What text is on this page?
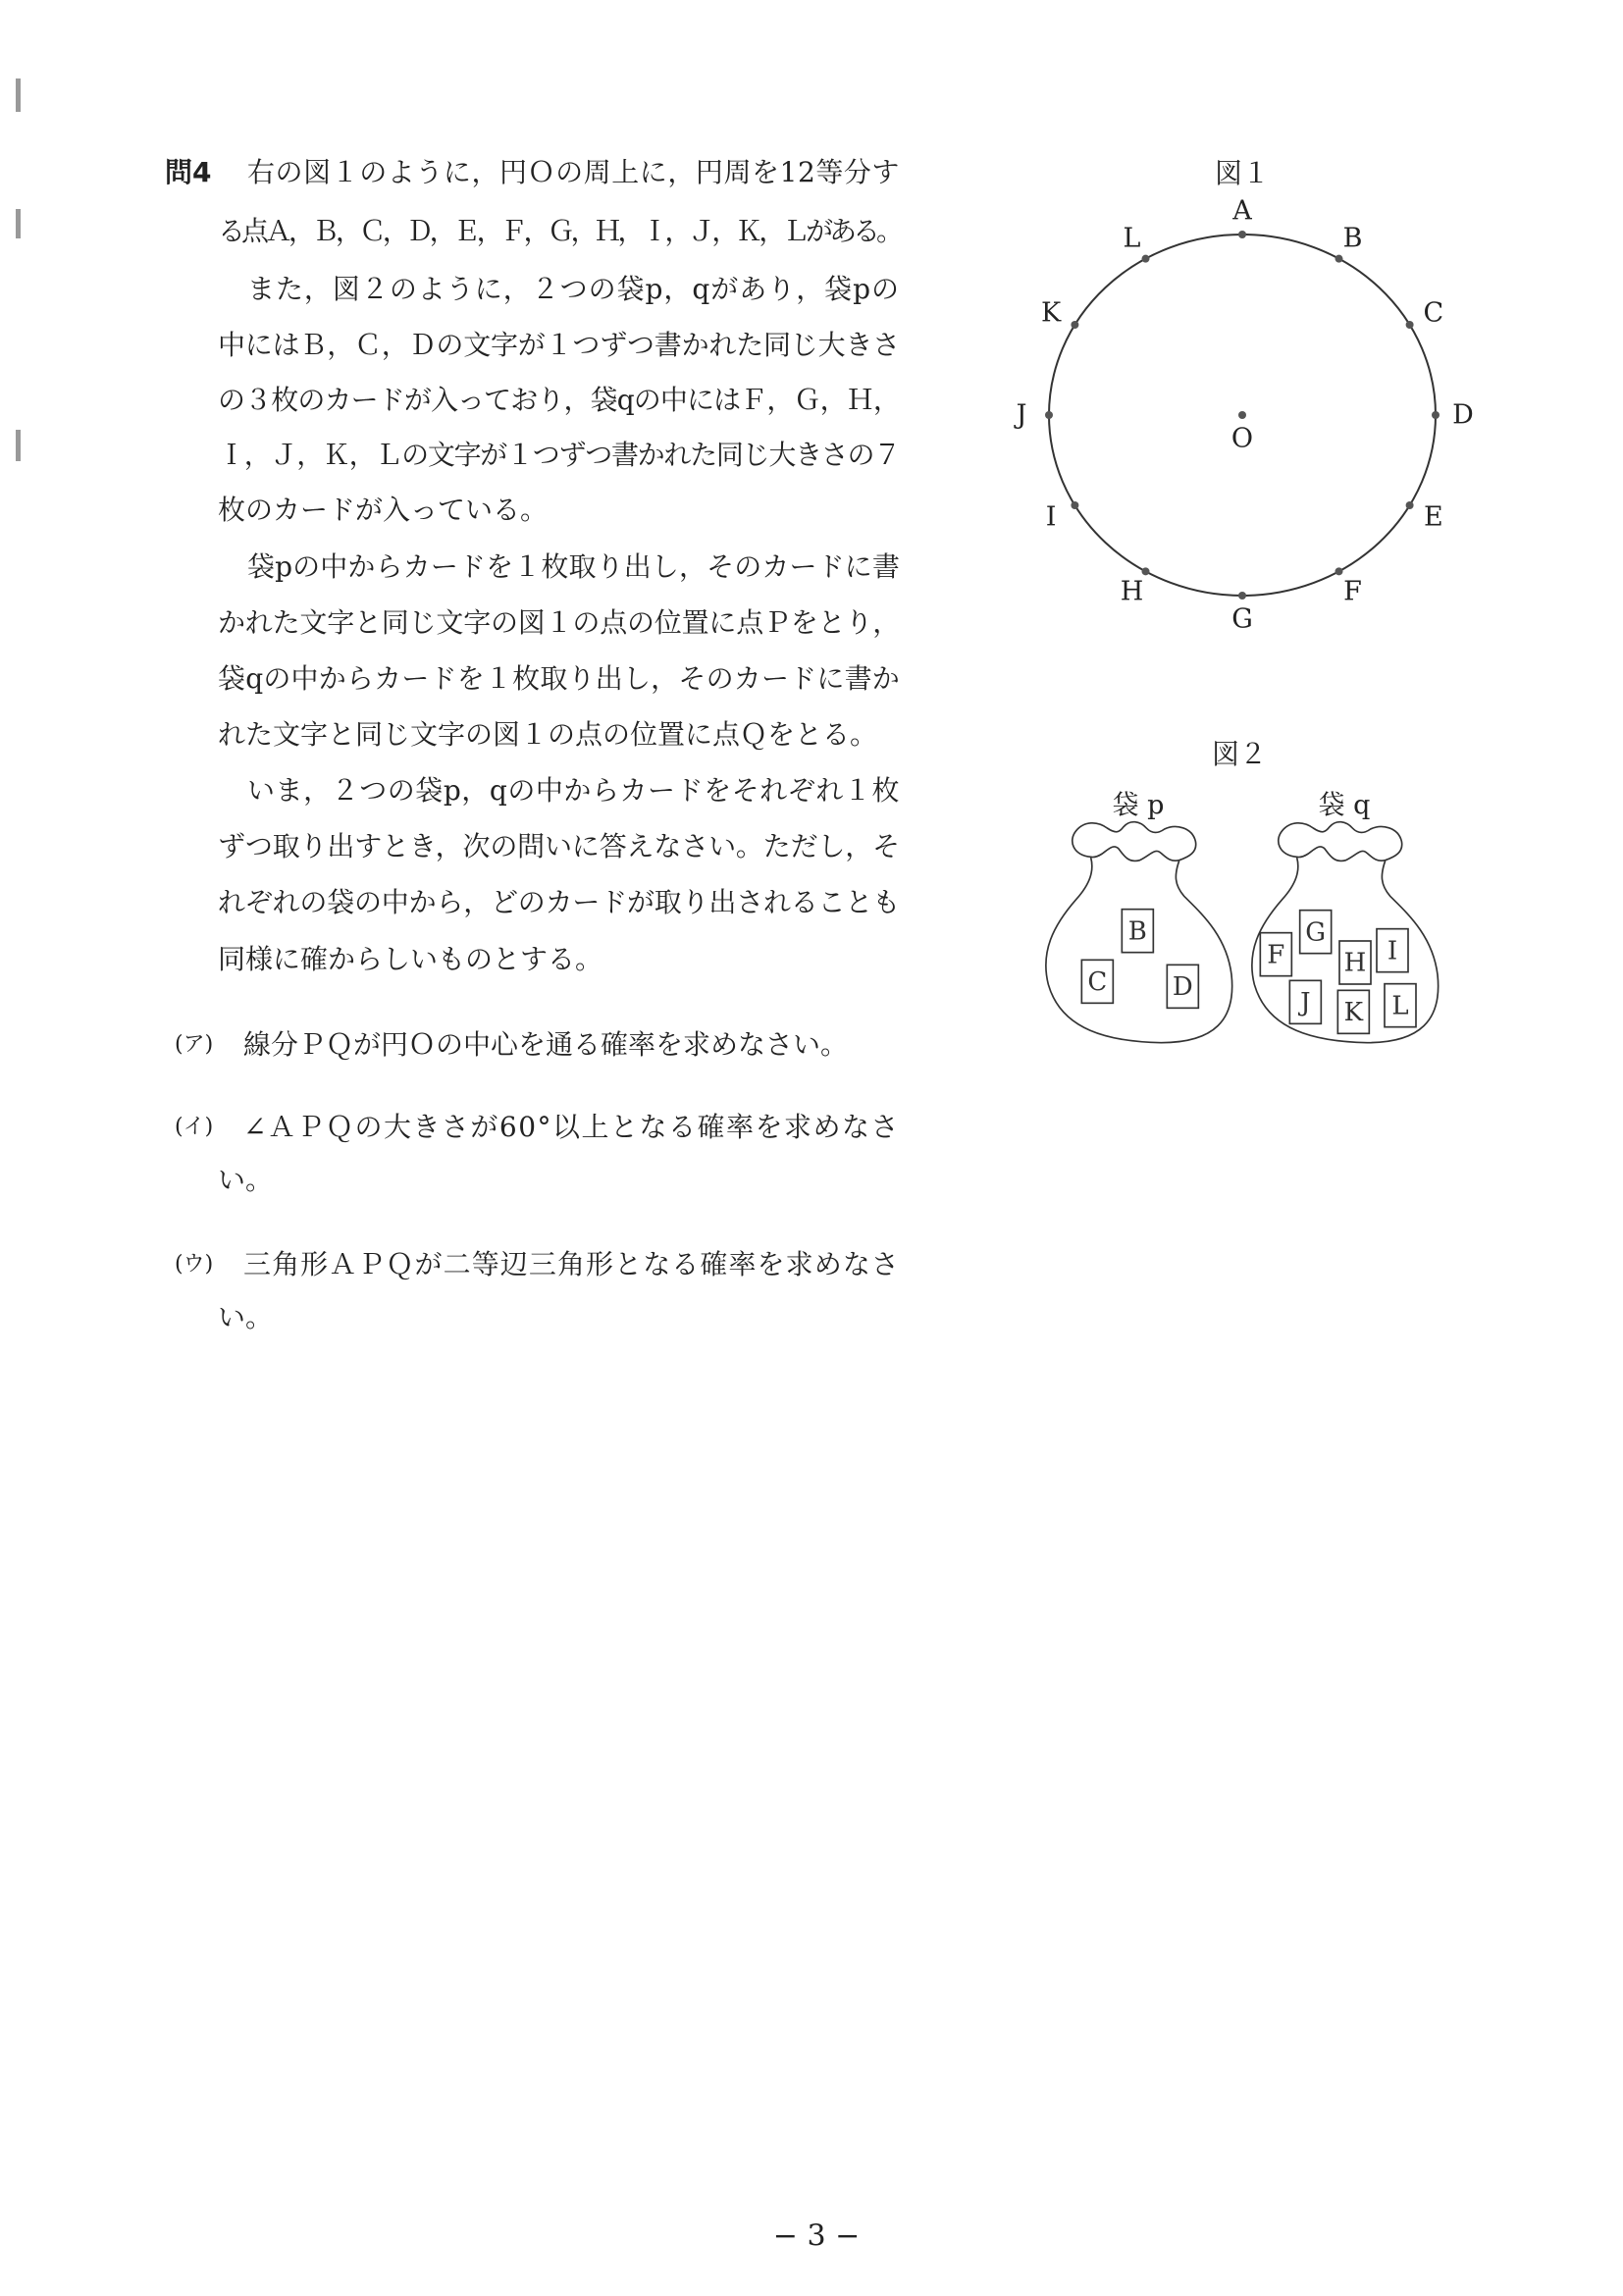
問4 右の図１のように，円Ｏの周上に，円周を12等分す
る点Ａ，Ｂ，Ｃ，Ｄ，Ｅ，Ｆ，Ｇ，Ｈ，Ｉ，Ｊ，Ｋ，Ｌがある。
また，図２のように，２つの袋p，qがあり，袋pの
中にはＢ，Ｃ，Ｄの文字が１つずつ書かれた同じ大きさ
の３枚のカードが入っており，袋qの中にはＦ，Ｇ，Ｈ，
Ｉ，Ｊ，Ｋ，Ｌの文字が１つずつ書かれた同じ大きさの７
枚のカードが入っている。
袋pの中からカードを１枚取り出し，そのカードに書
かれた文字と同じ文字の図１の点の位置に点Ｐをとり，
袋qの中からカードを１枚取り出し，そのカードに書か
れた文字と同じ文字の図１の点の位置に点Ｑをとる。
いま，２つの袋p，qの中からカードをそれぞれ１枚
ずつ取り出すとき，次の問いに答えなさい。ただし，そ
れぞれの袋の中から，どのカードが取り出されることも
同様に確からしいものとする。
(ア) 線分ＰＱが円Ｏの中心を通る確率を求めなさい。
(イ) ∠ＡＰＱの大きさが60°以上となる確率を求めなさ
い。
(ウ) 三角形ＡＰＱが二等辺三角形となる確率を求めなさ
い。
図１
O
A
B
C
D
E
F
G
H
I
J
K
L
図２
袋 p	袋 q
B
C D
F
G
H I
J K L
− 3 −
